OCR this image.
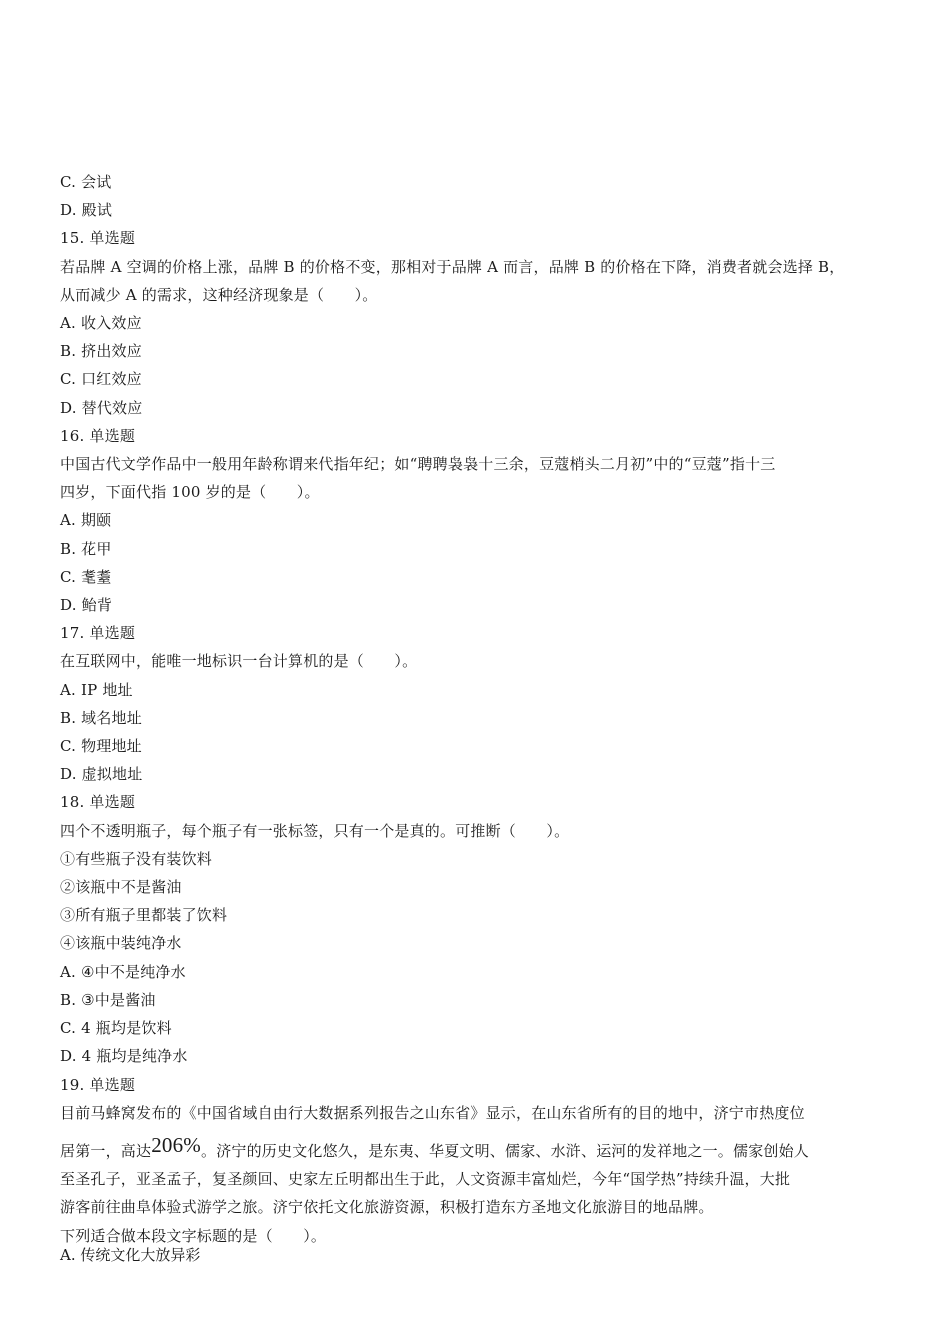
C. 会试
D. 殿试
15. 单选题
若品牌 A 空调的价格上涨，品牌 B 的价格不变，那相对于品牌 A 而言，品牌 B 的价格在下降，消费者就会选择 B，
从而减少 A 的需求，这种经济现象是（　　）。
A. 收入效应
B. 挤出效应
C. 口红效应
D. 替代效应
16. 单选题
中国古代文学作品中一般用年龄称谓来代指年纪；如“聘聘袅袅十三余，豆蔻梢头二月初”中的“豆蔻”指十三
四岁，下面代指 100 岁的是（　　）。
A. 期颐
B. 花甲
C. 耄耋
D. 鲐背
17. 单选题
在互联网中，能唯一地标识一台计算机的是（　　）。
A. IP 地址
B. 域名地址
C. 物理地址
D. 虚拟地址
18. 单选题
四个不透明瓶子，每个瓶子有一张标签，只有一个是真的。可推断（　　）。
①有些瓶子没有装饮料
②该瓶中不是酱油
③所有瓶子里都装了饮料
④该瓶中装纯净水
A. ④中不是纯净水
B. ③中是酱油
C. 4 瓶均是饮料
D. 4 瓶均是纯净水
19. 单选题
目前马蜂窝发布的《中国省域自由行大数据系列报告之山东省》显示，在山东省所有的目的地中，济宁市热度位
居第一，高达206%。济宁的历史文化悠久，是东夷、华夏文明、儒家、水浒、运河的发祥地之一。儒家创始人
至圣孔子，亚圣孟子，复圣颜回、史家左丘明都出生于此，人文资源丰富灿烂，今年“国学热”持续升温，大批
游客前往曲阜体验式游学之旅。济宁依托文化旅游资源，积极打造东方圣地文化旅游目的地品牌。
下列适合做本段文字标题的是（　　）。
A. 传统文化大放异彩
